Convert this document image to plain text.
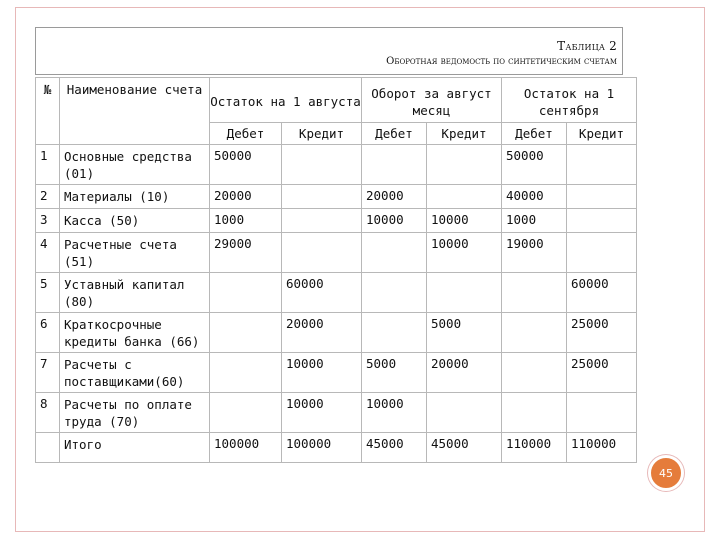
Таблица 2
Оборотная ведомость по синтетическим счетам
№	Наименование счета	Остаток на 1 августа		Оборот за август месяц		Остаток на 1 сентября	
		Дебет	Кредит	Дебет	Кредит	Дебет	Кредит
1	Основные средства (01)	50000				50000	
2	Материалы (10)	20000		20000		40000	
3	Касса (50)	1000		10000	10000	1000	
4	Расчетные счета (51)	29000			10000	19000	
5	Уставный капитал (80)		60000				60000
6	Краткосрочные кредиты банка (66)		20000		5000		25000
7	Расчеты с поставщиками(60)		10000	5000	20000		25000
8	Расчеты по оплате труда (70)		10000	10000			
	Итого	100000	100000	45000	45000	110000	110000
45
